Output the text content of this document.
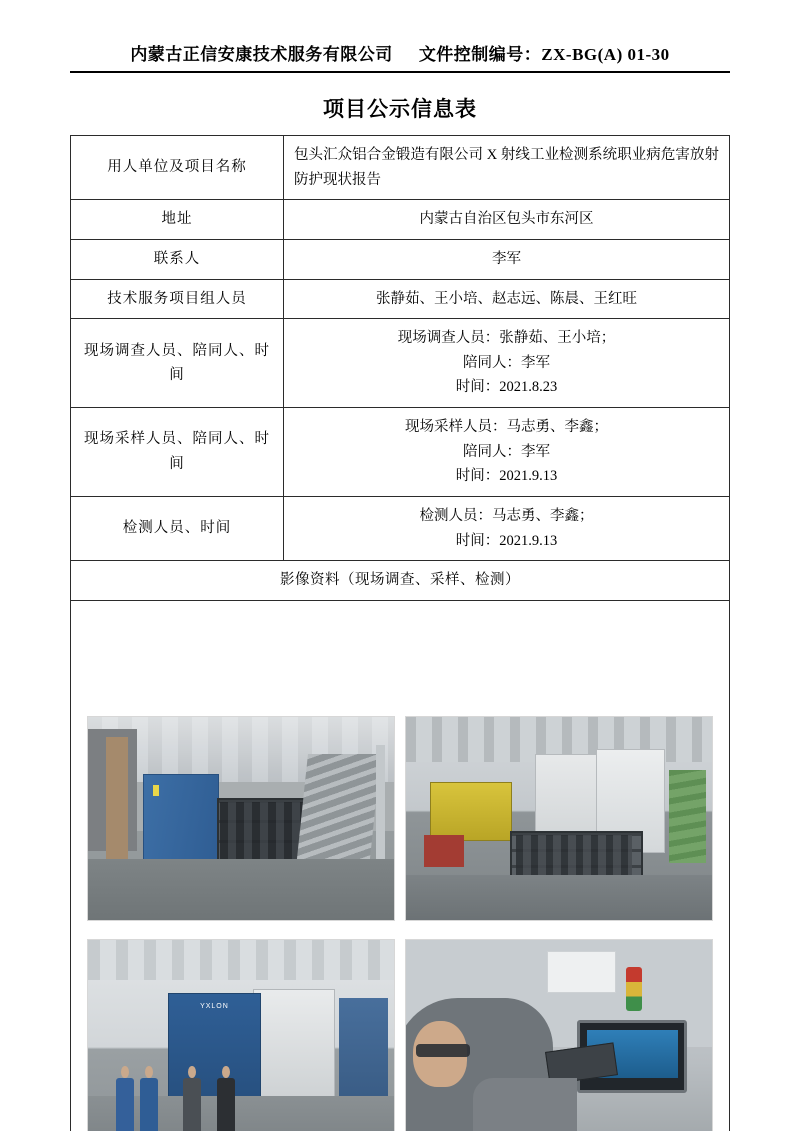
内蒙古正信安康技术服务有限公司 文件控制编号：ZX-BG(A) 01-30
项目公示信息表
用人单位及项目名称	包头汇众铝合金锻造有限公司 X 射线工业检测系统职业病危害放射防护现状报告
地址	内蒙古自治区包头市东河区
联系人	李军
技术服务项目组人员	张静茹、王小培、赵志远、陈晨、王红旺
现场调查人员、陪同人、时间	现场调查人员：张静茹、王小培；
陪同人：李军
时间：2021.8.23

现场采样人员、陪同人、时间	现场采样人员：马志勇、李鑫；
陪同人：李军
时间：2021.9.13

检测人员、时间	检测人员：马志勇、李鑫；
时间：2021.9.13

影像资料（现场调查、采样、检测）	

YXLON
